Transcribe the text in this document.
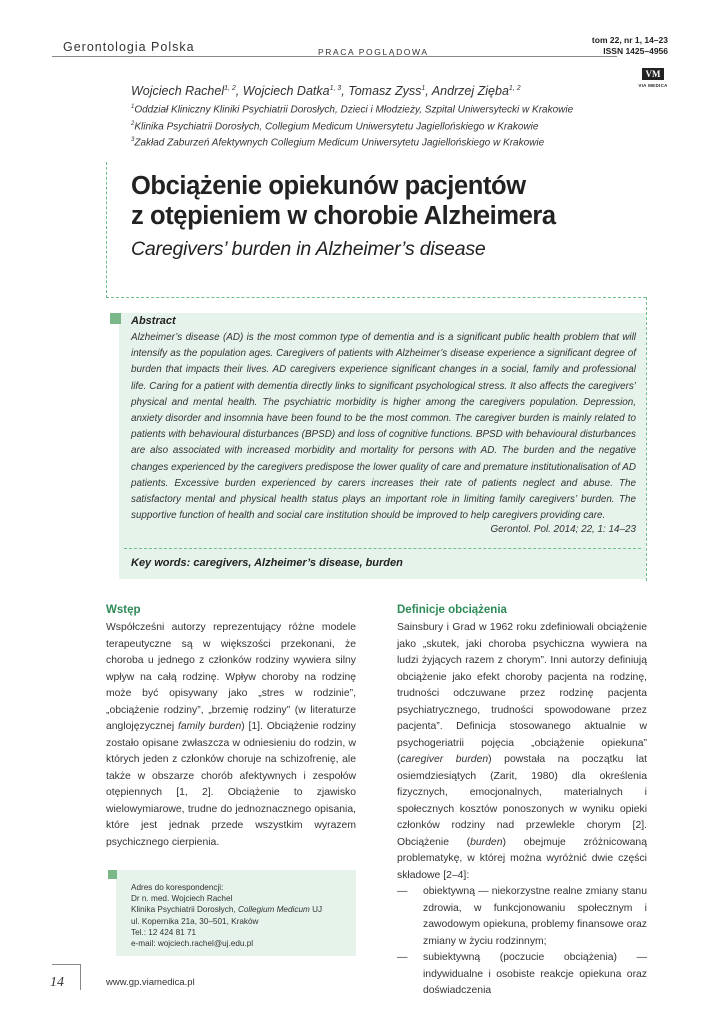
Gerontologia Polska	PRACA POGLĄDOWA
tom 22, nr 1, 14–23
ISSN 1425–4956
VM
VIA MEDICA
Wojciech Rachel$^{1, 2}$, Wojciech Datka$^{1, 3}$, Tomasz Zyss$^1$, Andrzej Zięba$^{1, 2}$
$^1$Oddział Kliniczny Kliniki Psychiatrii Dorosłych, Dzieci i Młodzieży, Szpital Uniwersytecki w Krakowie
$^2$Klinika Psychiatrii Dorosłych, Collegium Medicum Uniwersytetu Jagiellońskiego w Krakowie
$^3$Zakład Zaburzeń Afektywnych Collegium Medicum Uniwersytetu Jagiellońskiego w Krakowie
Obciążenie opiekunów pacjentów
z otępieniem w chorobie Alzheimera
Caregivers’ burden in Alzheimer’s disease
Abstract
Alzheimer’s disease (AD) is the most common type of dementia and is a significant public health problem that will intensify as the population ages. Caregivers of patients with Alzheimer’s disease experience a significant degree of burden that impacts their lives. AD caregivers experience significant changes in a social, family and professional life. Caring for a patient with dementia directly links to significant psychological stress. It also affects the caregivers’ physical and mental health. The psychiatric morbidity is higher among the caregivers population. Depression, anxiety disorder and insomnia have been found to be the most common. The caregiver burden is mainly related to patients with behavioural disturbances (BPSD) and loss of cognitive functions. BPSD with behavioural disturbances are also associated with increased morbidity and mortality for persons with AD. The burden and the negative changes experienced by the caregivers predispose the lower quality of care and premature institutionalisation of AD patients. Excessive burden experienced by carers increases their rate of patients neglect and abuse. The satisfactory mental and physical health status plays an important role in limiting family caregivers’ burden. The supportive function of health and social care institution should be improved to help caregivers providing care.
Gerontol. Pol. 2014; 22, 1: 14–23
Key words: caregivers, Alzheimer’s disease, burden
Wstęp

Współcześni autorzy reprezentujący różne modele terapeutyczne są w większości przekonani, że choroba u jednego z członków rodziny wywiera silny wpływ na całą rodzinę. Wpływ choroby na rodzinę może być opisywany jako „stres w rodzinie”, „obciążenie rodziny”, „brzemię rodziny” (w literaturze anglojęzycznej family burden) [1]. Obciążenie rodziny zostało opisane zwłaszcza w odniesieniu do rodzin, w których jeden z członków choruje na schizofrenię, ale także w obszarze chorób afektywnych i zespołów otępiennych [1, 2]. Obciążenie to zjawisko wielowymiarowe, trudne do jednoznacznego opisania, które jest jednak przede wszystkim wyrazem psychicznego cierpienia.

Adres do korespondencji:
Dr n. med. Wojciech Rachel
Klinika Psychiatrii Dorosłych, Collegium Medicum UJ
ul. Kopernika 21a, 30–501, Kraków
Tel.: 12 424 81 71
e-mail: wojciech.rachel@uj.edu.pl
Definicje obciążenia

Sainsbury i Grad w 1962 roku zdefiniowali obciążenie jako „skutek, jaki choroba psychiczna wywiera na ludzi żyjących razem z chorym”. Inni autorzy definiują obciążenie jako efekt choroby pacjenta na rodzinę, trudności odczuwane przez rodzinę pacjenta psychiatrycznego, trudności spowodowane przez pacjenta”. Definicja stosowanego aktualnie w psychogeriatrii pojęcia „obciążenie opiekuna” (caregiver burden) powstała na początku lat osiemdziesiątych (Zarit, 1980) dla określenia fizycznych, emocjonalnych, materialnych i społecznych kosztów ponoszonych w wyniku opieki członków rodziny nad przewlekle chorym [2]. Obciążenie (burden) obejmuje zróżnicowaną problematykę, w której można wyróżnić dwie części składowe [2–4]:

— obiektywną — niekorzystne realne zmiany stanu zdrowia, w funkcjonowaniu społecznym i zawodowym opiekuna, problemy finansowe oraz zmiany w życiu rodzinnym;
— subiektywną (poczucie obciążenia) — indywidualne i osobiste reakcje opiekuna oraz doświadczenia
14	www.gp.viamedica.pl
